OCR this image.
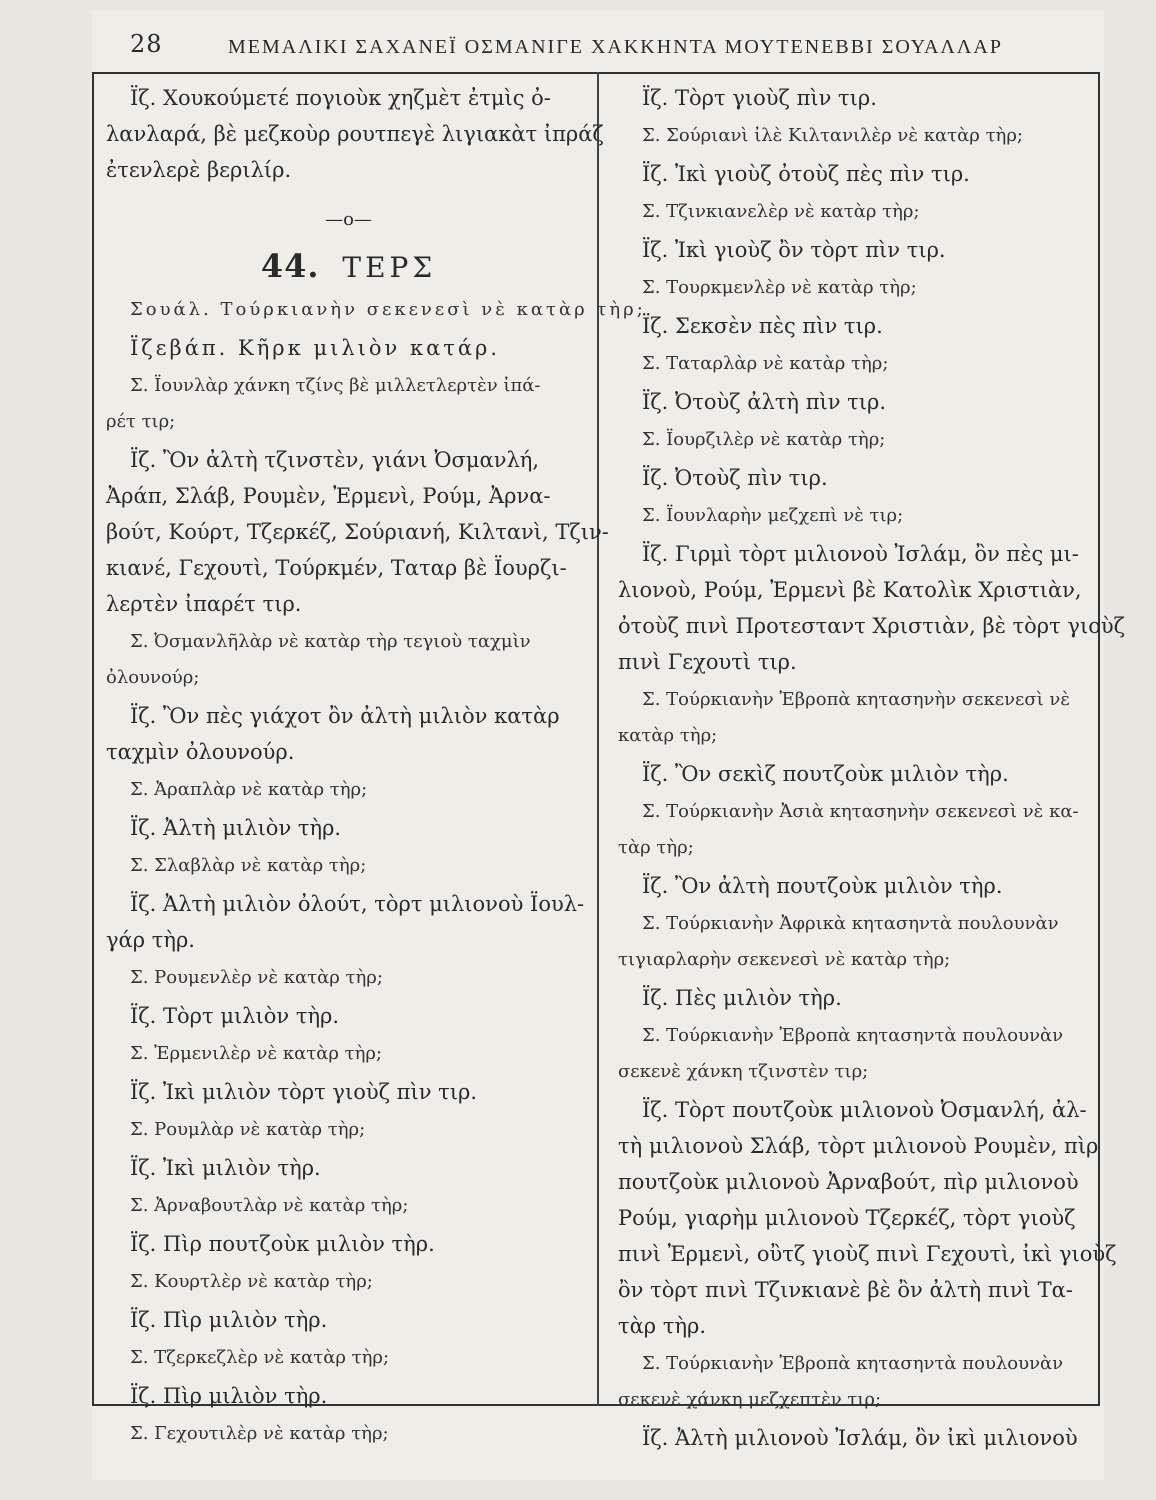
28	ΜΕΜΑΛΙΚΙ ΣΑΧΑΝΕΪ ΟΣΜΑΝΙΓΕ ΧΑΚΚΗΝΤΑ ΜΟΥΤΕΝΕΒΒΙ ΣΟΥΑΛΛΑΡ
Ϊζ. Χουκούμετέ πογιοὺκ χηζμὲτ ἐτμὶς ὀ-
λανλαρά, βὲ μεζκοὺρ ρουτπεγὲ λιγιακὰτ ἰπράζ
ἐτενλερὲ βεριλίρ.
—o—
44. ΤΕΡΣ
Σουάλ. Τούρκιανὴν σεκενεσὶ νὲ κατὰρ τὴρ;
Ϊζεβάπ. Κῆρκ μιλιὸν κατάρ.
Σ. Ϊουνλὰρ χάνκη τζίνς βὲ μιλλετλερτὲν ἰπά-
ρέτ τιρ;
Ϊζ. Ὂν ἀλτὴ τζινστὲν, γιάνι Ὀσμανλή,
Ἀράπ, Σλάβ, Ρουμὲν, Ἐρμενὶ, Ρούμ, Ἀρνα-
βούτ, Κούρτ, Τζερκέζ, Σούριανή, Κιλτανὶ, Τζιν-
κιανέ, Γεχουτὶ, Τούρκμέν, Ταταρ βὲ Ϊουρζι-
λερτὲν ἰπαρέτ τιρ.
Σ. Ὀσμανλῆλὰρ νὲ κατὰρ τὴρ τεγιοὺ ταχμὶν
ὀλουνούρ;
Ϊζ. Ὂν πὲς γιάχοτ ὂν ἀλτὴ μιλιὸν κατὰρ
ταχμὶν ὀλουνούρ.
Σ. Ἀραπλὰρ νὲ κατὰρ τὴρ;
Ϊζ. Ἀλτὴ μιλιὸν τὴρ.
Σ. Σλαβλὰρ νὲ κατὰρ τὴρ;
Ϊζ. Ἀλτὴ μιλιὸν ὀλούτ, τὸρτ μιλιονοὺ Ϊουλ-
γάρ τὴρ.
Σ. Ρουμενλὲρ νὲ κατὰρ τὴρ;
Ϊζ. Τὸρτ μιλιὸν τὴρ.
Σ. Ἐρμενιλὲρ νὲ κατὰρ τὴρ;
Ϊζ. Ἰκὶ μιλιὸν τὸρτ γιοὺζ πὶν τιρ.
Σ. Ρουμλὰρ νὲ κατὰρ τὴρ;
Ϊζ. Ἰκὶ μιλιὸν τὴρ.
Σ. Ἀρναβουτλὰρ νὲ κατὰρ τὴρ;
Ϊζ. Πὶρ πουτζοὺκ μιλιὸν τὴρ.
Σ. Κουρτλὲρ νὲ κατὰρ τὴρ;
Ϊζ. Πὶρ μιλιὸν τὴρ.
Σ. Τζερκεζλὲρ νὲ κατὰρ τὴρ;
Ϊζ. Πὶρ μιλιὸν τὴρ.
Σ. Γεχουτιλὲρ νὲ κατὰρ τὴρ;
Ϊζ. Τὸρτ γιοὺζ πὶν τιρ.
Σ. Σούριανὶ ἰλὲ Κιλτανιλὲρ νὲ κατὰρ τὴρ;
Ϊζ. Ἰκὶ γιοὺζ ὀτοὺζ πὲς πὶν τιρ.
Σ. Τζινκιανελὲρ νὲ κατὰρ τὴρ;
Ϊζ. Ἰκὶ γιοὺζ ὂν τὸρτ πὶν τιρ.
Σ. Τουρκμενλὲρ νὲ κατὰρ τὴρ;
Ϊζ. Σεκσὲν πὲς πὶν τιρ.
Σ. Ταταρλὰρ νὲ κατὰρ τὴρ;
Ϊζ. Ὀτοὺζ ἀλτὴ πὶν τιρ.
Σ. Ϊουρζιλὲρ νὲ κατὰρ τὴρ;
Ϊζ. Ὀτοὺζ πὶν τιρ.
Σ. Ϊουνλαρὴν μεζχεπὶ νὲ τιρ;
Ϊζ. Γιρμὶ τὸρτ μιλιονοὺ Ἰσλάμ, ὂν πὲς μι-
λιονοὺ, Ρούμ, Ἐρμενὶ βὲ Κατολὶκ Χριστιὰν,
ὀτοὺζ πινὶ Προτεσταντ Χριστιὰν, βὲ τὸρτ γιοὺζ
πινὶ Γεχουτὶ τιρ.
Σ. Τούρκιανὴν Ἐβροπὰ κητασηνὴν σεκενεσὶ νὲ
κατὰρ τὴρ;
Ϊζ. Ὂν σεκὶζ πουτζοὺκ μιλιὸν τὴρ.
Σ. Τούρκιανὴν Ἀσιὰ κητασηνὴν σεκενεσὶ νὲ κα-
τὰρ τὴρ;
Ϊζ. Ὂν ἀλτὴ πουτζοὺκ μιλιὸν τὴρ.
Σ. Τούρκιανὴν Ἀφρικὰ κητασηντὰ πουλουνὰν
τιγιαρλαρὴν σεκενεσὶ νὲ κατὰρ τὴρ;
Ϊζ. Πὲς μιλιὸν τὴρ.
Σ. Τούρκιανὴν Ἐβροπὰ κητασηντὰ πουλουνὰν
σεκενὲ χάνκη τζινστὲν τιρ;
Ϊζ. Τὸρτ πουτζοὺκ μιλιονοὺ Ὀσμανλή, ἀλ-
τὴ μιλιονοὺ Σλάβ, τὸρτ μιλιονοὺ Ρουμὲν, πὶρ
πουτζοὺκ μιλιονοὺ Ἀρναβούτ, πὶρ μιλιονοὺ
Ρούμ, γιαρὴμ μιλιονοὺ Τζερκέζ, τὸρτ γιοὺζ
πινὶ Ἐρμενὶ, οὒτζ γιοὺζ πινὶ Γεχουτὶ, ἰκὶ γιοὺζ
ὂν τὸρτ πινὶ Τζινκιανὲ βὲ ὂν ἀλτὴ πινὶ Τα-
τὰρ τὴρ.
Σ. Τούρκιανὴν Ἐβροπὰ κητασηντὰ πουλουνὰν
σεκενὲ χάνκη μεζχεπτὲν τιρ;
Ϊζ. Ἀλτὴ μιλιονοὺ Ἰσλάμ, ὂν ἰκὶ μιλιονοὺ
